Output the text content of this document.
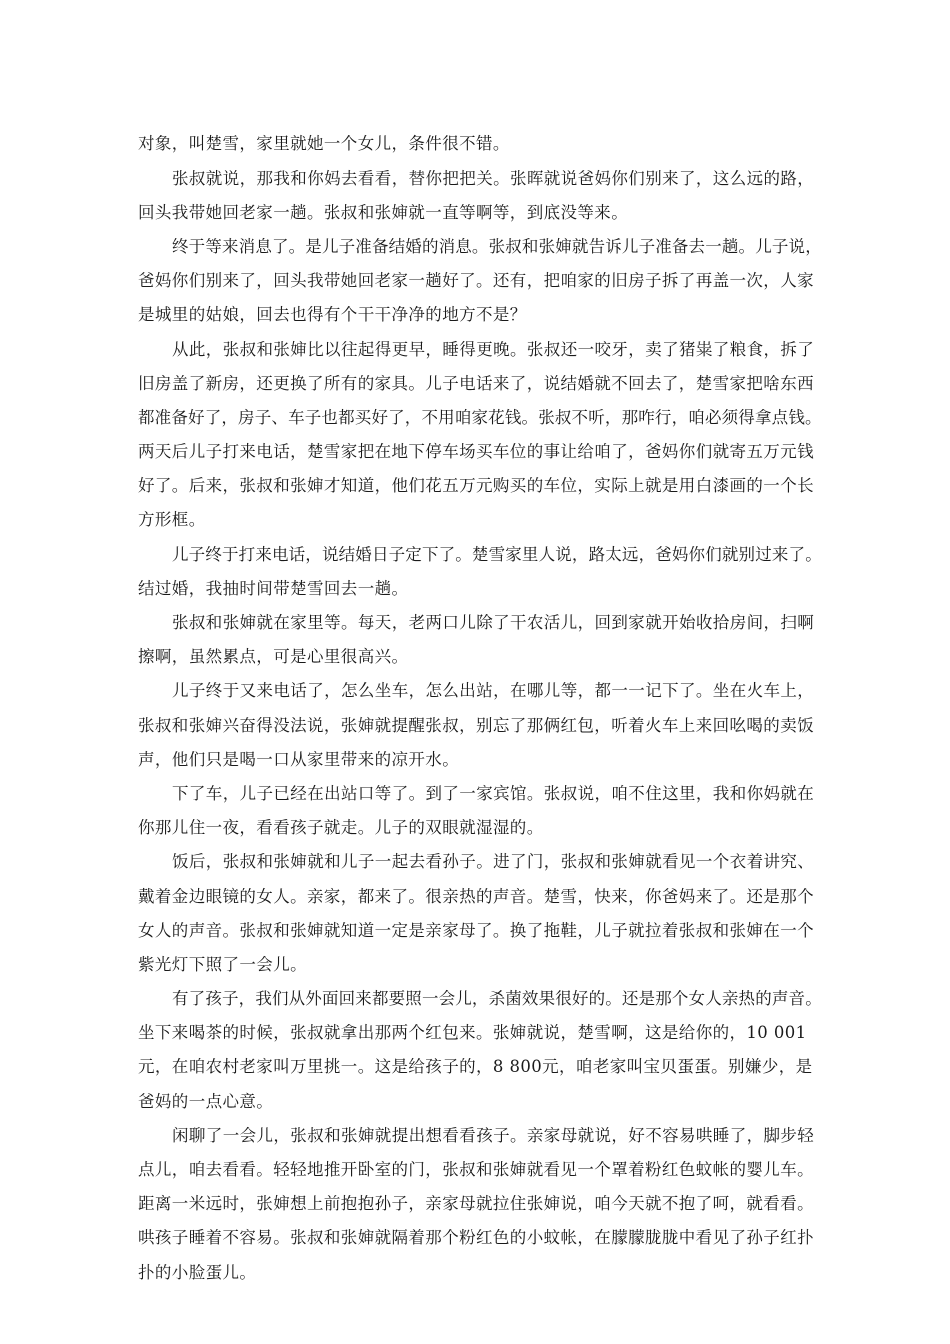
对象，叫楚雪，家里就她一个女儿，条件很不错。
张叔就说，那我和你妈去看看，替你把把关。张晖就说爸妈你们别来了，这么远的路，
回头我带她回老家一趟。张叔和张婶就一直等啊等，到底没等来。
终于等来消息了。是儿子准备结婚的消息。张叔和张婶就告诉儿子准备去一趟。儿子说，
爸妈你们别来了，回头我带她回老家一趟好了。还有，把咱家的旧房子拆了再盖一次，人家
是城里的姑娘，回去也得有个干干净净的地方不是？
从此，张叔和张婶比以往起得更早，睡得更晚。张叔还一咬牙，卖了猪粜了粮食，拆了
旧房盖了新房，还更换了所有的家具。儿子电话来了，说结婚就不回去了，楚雪家把啥东西
都准备好了，房子、车子也都买好了，不用咱家花钱。张叔不听，那咋行，咱必须得拿点钱。
两天后儿子打来电话，楚雪家把在地下停车场买车位的事让给咱了，爸妈你们就寄五万元钱
好了。后来，张叔和张婶才知道，他们花五万元购买的车位，实际上就是用白漆画的一个长
方形框。
儿子终于打来电话，说结婚日子定下了。楚雪家里人说，路太远，爸妈你们就别过来了。
结过婚，我抽时间带楚雪回去一趟。
张叔和张婶就在家里等。每天，老两口儿除了干农活儿，回到家就开始收拾房间，扫啊
擦啊，虽然累点，可是心里很高兴。
儿子终于又来电话了，怎么坐车，怎么出站，在哪儿等，都一一记下了。坐在火车上，
张叔和张婶兴奋得没法说，张婶就提醒张叔，别忘了那俩红包，听着火车上来回吆喝的卖饭
声，他们只是喝一口从家里带来的凉开水。
下了车，儿子已经在出站口等了。到了一家宾馆。张叔说，咱不住这里，我和你妈就在
你那儿住一夜，看看孩子就走。儿子的双眼就湿湿的。
饭后，张叔和张婶就和儿子一起去看孙子。进了门，张叔和张婶就看见一个衣着讲究、
戴着金边眼镜的女人。亲家，都来了。很亲热的声音。楚雪，快来，你爸妈来了。还是那个
女人的声音。张叔和张婶就知道一定是亲家母了。换了拖鞋，儿子就拉着张叔和张婶在一个
紫光灯下照了一会儿。
有了孩子，我们从外面回来都要照一会儿，杀菌效果很好的。还是那个女人亲热的声音。
坐下来喝茶的时候，张叔就拿出那两个红包来。张婶就说，楚雪啊，这是给你的，10 001
元，在咱农村老家叫万里挑一。这是给孩子的，8 800元，咱老家叫宝贝蛋蛋。别嫌少，是
爸妈的一点心意。
闲聊了一会儿，张叔和张婶就提出想看看孩子。亲家母就说，好不容易哄睡了，脚步轻
点儿，咱去看看。轻轻地推开卧室的门，张叔和张婶就看见一个罩着粉红色蚊帐的婴儿车。
距离一米远时，张婶想上前抱抱孙子，亲家母就拉住张婶说，咱今天就不抱了呵，就看看。
哄孩子睡着不容易。张叔和张婶就隔着那个粉红色的小蚊帐，在朦朦胧胧中看见了孙子红扑
扑的小脸蛋儿。
